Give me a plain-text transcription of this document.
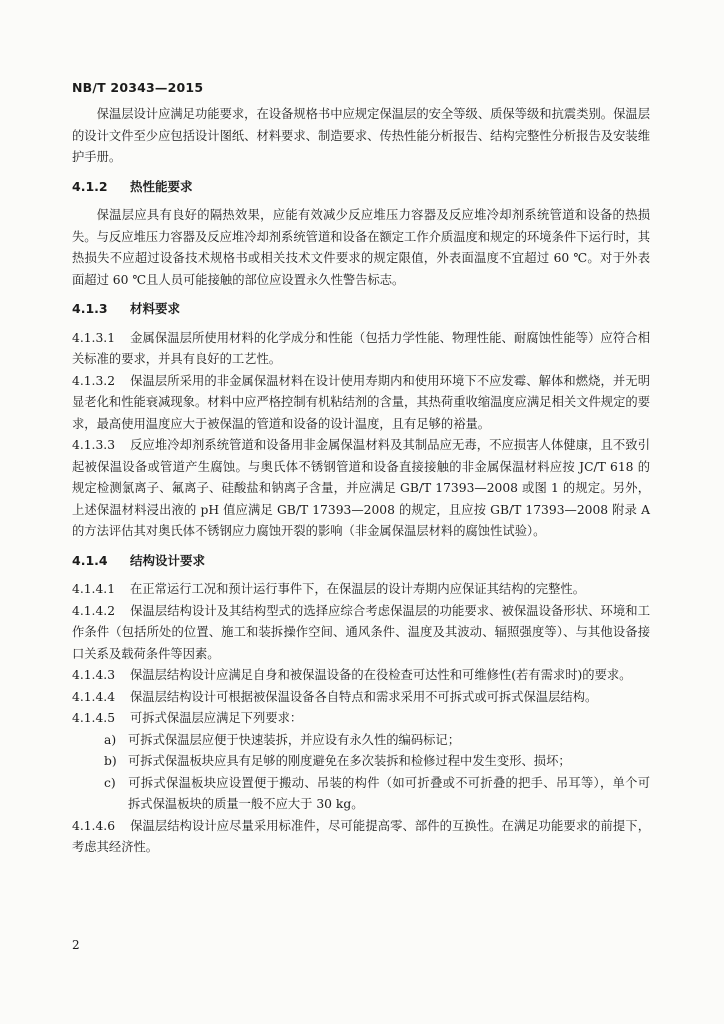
NB/T 20343—2015

保温层设计应满足功能要求，在设备规格书中应规定保温层的安全等级、质保等级和抗震类别。保温层的设计文件至少应包括设计图纸、材料要求、制造要求、传热性能分析报告、结构完整性分析报告及安装维护手册。

4.1.2 热性能要求

保温层应具有良好的隔热效果，应能有效减少反应堆压力容器及反应堆冷却剂系统管道和设备的热损失。与反应堆压力容器及反应堆冷却剂系统管道和设备在额定工作介质温度和规定的环境条件下运行时，其热损失不应超过设备技术规格书或相关技术文件要求的规定限值，外表面温度不宜超过 60 ℃。对于外表面超过 60 ℃且人员可能接触的部位应设置永久性警告标志。

4.1.3 材料要求

4.1.3.1 金属保温层所使用材料的化学成分和性能（包括力学性能、物理性能、耐腐蚀性能等）应符合相关标准的要求，并具有良好的工艺性。

4.1.3.2 保温层所采用的非金属保温材料在设计使用寿期内和使用环境下不应发霉、解体和燃烧，并无明显老化和性能衰减现象。材料中应严格控制有机粘结剂的含量，其热荷重收缩温度应满足相关文件规定的要求，最高使用温度应大于被保温的管道和设备的设计温度，且有足够的裕量。

4.1.3.3 反应堆冷却剂系统管道和设备用非金属保温材料及其制品应无毒，不应损害人体健康，且不致引起被保温设备或管道产生腐蚀。与奥氏体不锈钢管道和设备直接接触的非金属保温材料应按 JC/T 618 的规定检测氯离子、氟离子、硅酸盐和钠离子含量，并应满足 GB/T 17393—2008 或图 1 的规定。另外，上述保温材料浸出液的 pH 值应满足 GB/T 17393—2008 的规定，且应按 GB/T 17393—2008 附录 A 的方法评估其对奥氏体不锈钢应力腐蚀开裂的影响（非金属保温层材料的腐蚀性试验）。

4.1.4 结构设计要求

4.1.4.1 在正常运行工况和预计运行事件下，在保温层的设计寿期内应保证其结构的完整性。

4.1.4.2 保温层结构设计及其结构型式的选择应综合考虑保温层的功能要求、被保温设备形状、环境和工作条件（包括所处的位置、施工和装拆操作空间、通风条件、温度及其波动、辐照强度等）、与其他设备接口关系及载荷条件等因素。

4.1.4.3 保温层结构设计应满足自身和被保温设备的在役检查可达性和可维修性(若有需求时)的要求。

4.1.4.4 保温层结构设计可根据被保温设备各自特点和需求采用不可拆式或可拆式保温层结构。

4.1.4.5 可拆式保温层应满足下列要求：

a) 可拆式保温层应便于快速装拆，并应设有永久性的编码标记；

b) 可拆式保温板块应具有足够的刚度避免在多次装拆和检修过程中发生变形、损坏；

c) 可拆式保温板块应设置便于搬动、吊装的构件（如可折叠或不可折叠的把手、吊耳等），单个可拆式保温板块的质量一般不应大于 30 kg。

4.1.4.6 保温层结构设计应尽量采用标准件，尽可能提高零、部件的互换性。在满足功能要求的前提下，考虑其经济性。

2
